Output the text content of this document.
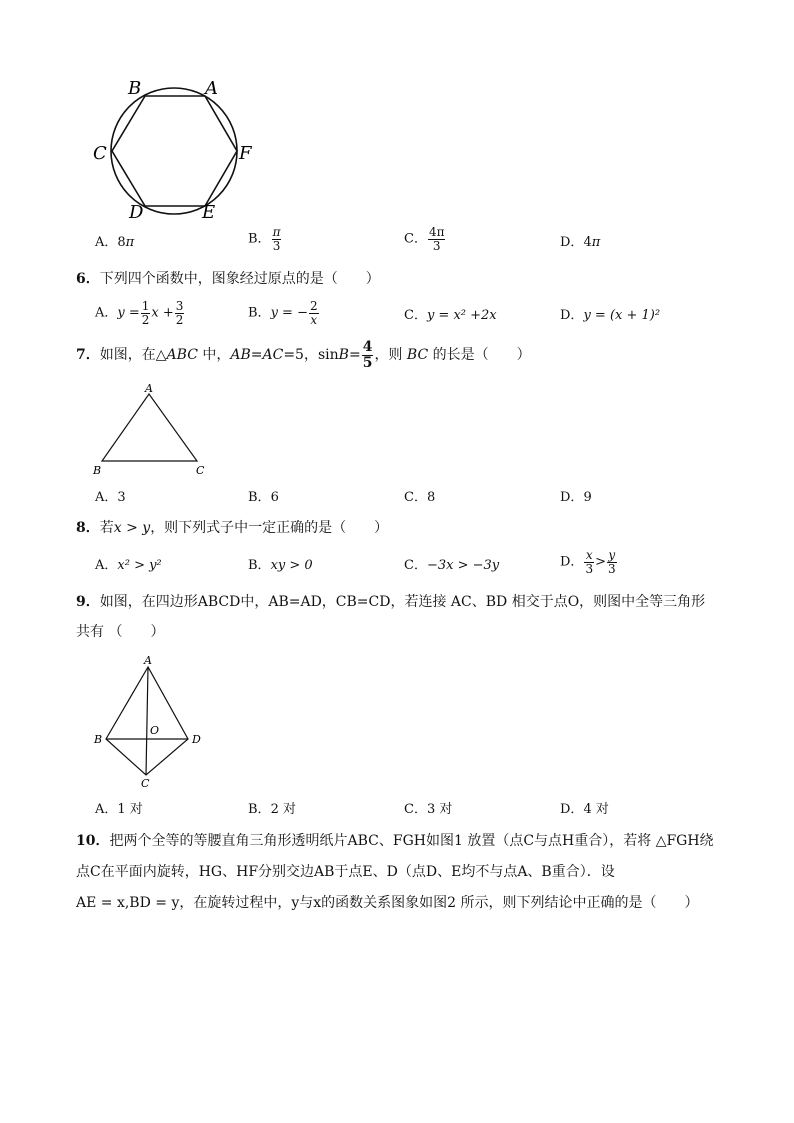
B	A
C	F
D	E
A．8π	B． $\frac{\pi}{3}$	C． $\frac{4\pi}{3}$	D．4π
6．下列四个函数中，图象经过原点的是（　　）
A．$y = \frac{1}{2}$ $x + \frac{3}{2}$	B．y = − $\frac{2}{x}$	C．y = x² +2x	D．y = (x + 1)²
7．如图，在△ABC 中，AB=AC=5，$\sin B= \frac{4}{5}$ ，则 BC 的长是（　　）
A
B	C
A．3	B．6	C．8	D．9
8．若x > y，则下列式子中一定正确的是（　　）
A．x² > y²	B．xy > 0	C．−3x > −3y	D． $\frac{x}{3} > \frac{y}{3}$
9．如图，在四边形ABCD中，AB=AD，CB=CD，若连接 AC、BD 相交于点O，则图中全等三角形
共有 （　　）
A
B	D
O
C
A．1 对	B．2 对	C．3 对	D．4 对
10．把两个全等的等腰直角三角形透明纸片ABC、FGH如图1 放置（点C与点H重合），若将 △FGH绕
点C在平面内旋转，HG、HF分别交边AB于点E、D（点D、E均不与点A、B重合）．设
AE = x,BD = y，在旋转过程中，y与x的函数关系图象如图2 所示，则下列结论中正确的是（　　）
